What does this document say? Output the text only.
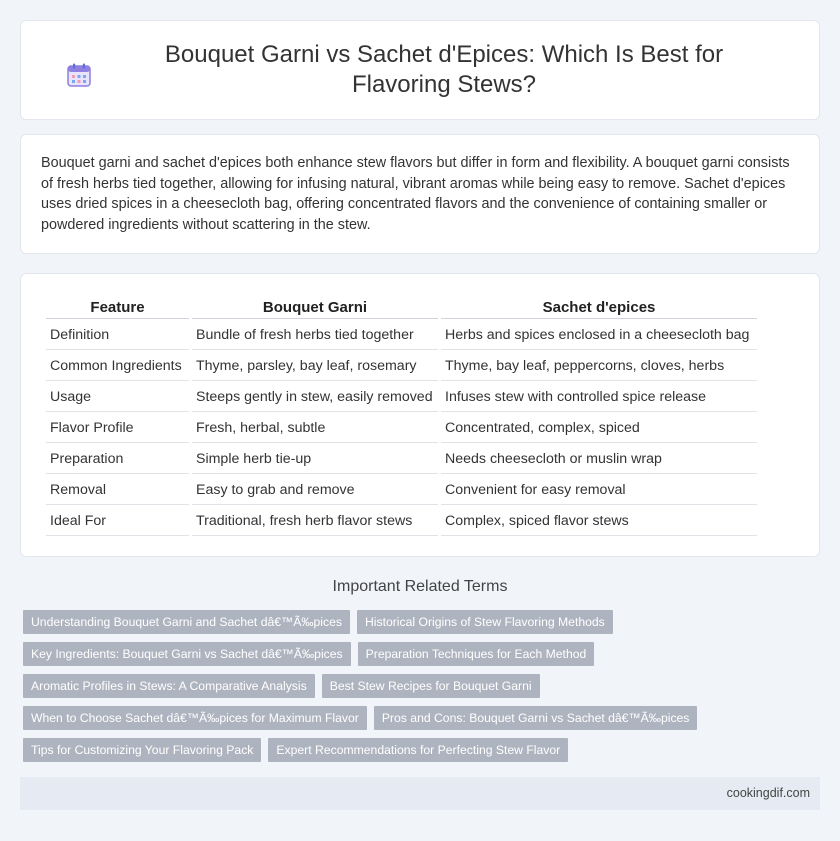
Bouquet Garni vs Sachet d'Epices: Which Is Best for Flavoring Stews?

Bouquet garni and sachet d'epices both enhance stew flavors but differ in form and flexibility. A bouquet garni consists of fresh herbs tied together, allowing for infusing natural, vibrant aromas while being easy to remove. Sachet d'epices uses dried spices in a cheesecloth bag, offering concentrated flavors and the convenience of containing smaller or powdered ingredients without scattering in the stew.

Feature	Bouquet Garni	Sachet d'epices
Definition	Bundle of fresh herbs tied together	Herbs and spices enclosed in a cheesecloth bag
Common Ingredients	Thyme, parsley, bay leaf, rosemary	Thyme, bay leaf, peppercorns, cloves, herbs
Usage	Steeps gently in stew, easily removed	Infuses stew with controlled spice release
Flavor Profile	Fresh, herbal, subtle	Concentrated, complex, spiced
Preparation	Simple herb tie-up	Needs cheesecloth or muslin wrap
Removal	Easy to grab and remove	Convenient for easy removal
Ideal For	Traditional, fresh herb flavor stews	Complex, spiced flavor stews
Important Related Terms
Understanding Bouquet Garni and Sachet dâ€™Ã‰pices	Historical Origins of Stew Flavoring Methods
Key Ingredients: Bouquet Garni vs Sachet dâ€™Ã‰pices	Preparation Techniques for Each Method
Aromatic Profiles in Stews: A Comparative Analysis	Best Stew Recipes for Bouquet Garni
When to Choose Sachet dâ€™Ã‰pices for Maximum Flavor	Pros and Cons: Bouquet Garni vs Sachet dâ€™Ã‰pices
Tips for Customizing Your Flavoring Pack	Expert Recommendations for Perfecting Stew Flavor
cookingdif.com
